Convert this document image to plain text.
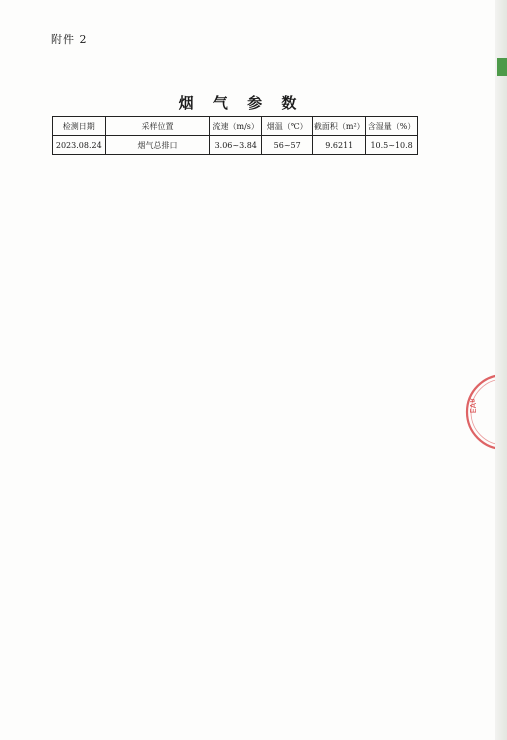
附件 2
烟 气 参 数
检测日期	采样位置	流速（m/s）	烟温（℃）	截面积（m²）	含湿量（%）
2023.08.24	烟气总排口	3.06~3.84	56~57	9.6211	10.5~10.8
ᴙ∀Ǝ
